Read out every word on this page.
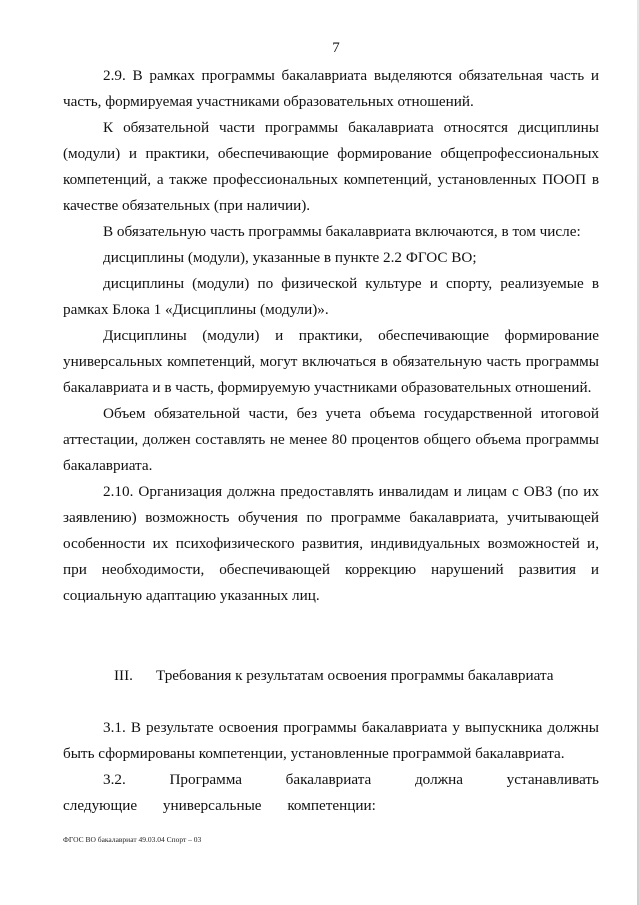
7

2.9. В рамках программы бакалавриата выделяются обязательная часть и часть, формируемая участниками образовательных отношений.

К обязательной части программы бакалавриата относятся дисциплины (модули) и практики, обеспечивающие формирование общепрофессиональных компетенций, а также профессиональных компетенций, установленных ПООП в качестве обязательных (при наличии).

В обязательную часть программы бакалавриата включаются, в том числе:

дисциплины (модули), указанные в пункте 2.2 ФГОС ВО;

дисциплины (модули) по физической культуре и спорту, реализуемые в рамках Блока 1 «Дисциплины (модули)».

Дисциплины (модули) и практики, обеспечивающие формирование универсальных компетенций, могут включаться в обязательную часть программы бакалавриата и в часть, формируемую участниками образовательных отношений.

Объем обязательной части, без учета объема государственной итоговой аттестации, должен составлять не менее 80 процентов общего объема программы бакалавриата.

2.10. Организация должна предоставлять инвалидам и лицам с ОВЗ (по их заявлению) возможность обучения по программе бакалавриата, учитывающей особенности их психофизического развития, индивидуальных возможностей и, при необходимости, обеспечивающей коррекцию нарушений развития и социальную адаптацию указанных лиц.

III. Требования к результатам освоения программы бакалавриата

3.1. В результате освоения программы бакалавриата у выпускника должны быть сформированы компетенции, установленные программой бакалавриата.

3.2. Программа бакалавриата должна устанавливать следующие универсальные компетенции:

ФГОС ВО бакалавриат 49.03.04 Спорт – 03
